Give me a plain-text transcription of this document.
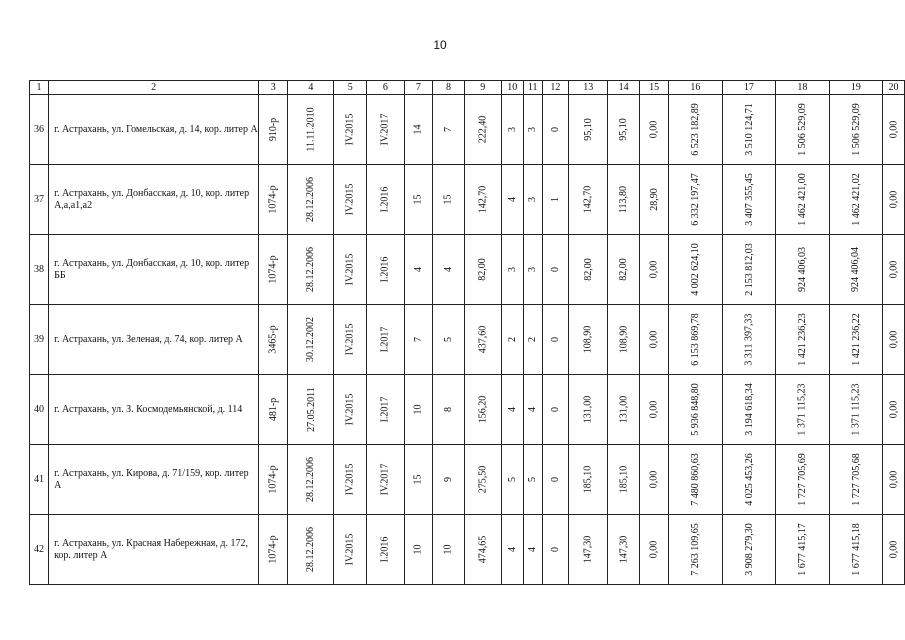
10
1	2	3	4	5	6	7	8	9	10	11	12	13	14	15	16	17	18	19	20
36	г. Астрахань, ул. Гомельская, д. 14, кор. литер А	910-р	11.11.2010	IV.2015	IV.2017	14	7	222,40	3	3	0	95,10	95,10	0,00	6 523 182,89	3 510 124,71	1 506 529,09	1 506 529,09	0,00
37	г. Астрахань, ул. Донбасская, д. 10, кор. литер А,а,а1,а2	1074-р	28.12.2006	IV.2015	I.2016	15	15	142,70	4	3	1	142,70	113,80	28,90	6 332 197,47	3 407 355,45	1 462 421,00	1 462 421,02	0,00
38	г. Астрахань, ул. Донбасская, д. 10, кор. литер ББ	1074-р	28.12.2006	IV.2015	I.2016	4	4	82,00	3	3	0	82,00	82,00	0,00	4 002 624,10	2 153 812,03	924 406,03	924 406,04	0,00
39	г. Астрахань, ул. Зеленая, д. 74, кор. литер А	3465-р	30.12.2002	IV.2015	I.2017	7	5	437,60	2	2	0	108,90	108,90	0,00	6 153 869,78	3 311 397,33	1 421 236,23	1 421 236,22	0,00
40	г. Астрахань, ул. З. Космодемьянской, д. 114	481-р	27.05.2011	IV.2015	I.2017	10	8	156,20	4	4	0	131,00	131,00	0,00	5 936 848,80	3 194 618,34	1 371 115,23	1 371 115,23	0,00
41	г. Астрахань, ул. Кирова, д. 71/159, кор. литер А	1074-р	28.12.2006	IV.2015	IV.2017	15	9	275,50	5	5	0	185,10	185,10	0,00	7 480 860,63	4 025 453,26	1 727 705,69	1 727 705,68	0,00
42	г. Астрахань, ул. Красная Набережная, д. 172, кор. литер А	1074-р	28.12.2006	IV.2015	I.2016	10	10	474,65	4	4	0	147,30	147,30	0,00	7 263 109,65	3 908 279,30	1 677 415,17	1 677 415,18	0,00
